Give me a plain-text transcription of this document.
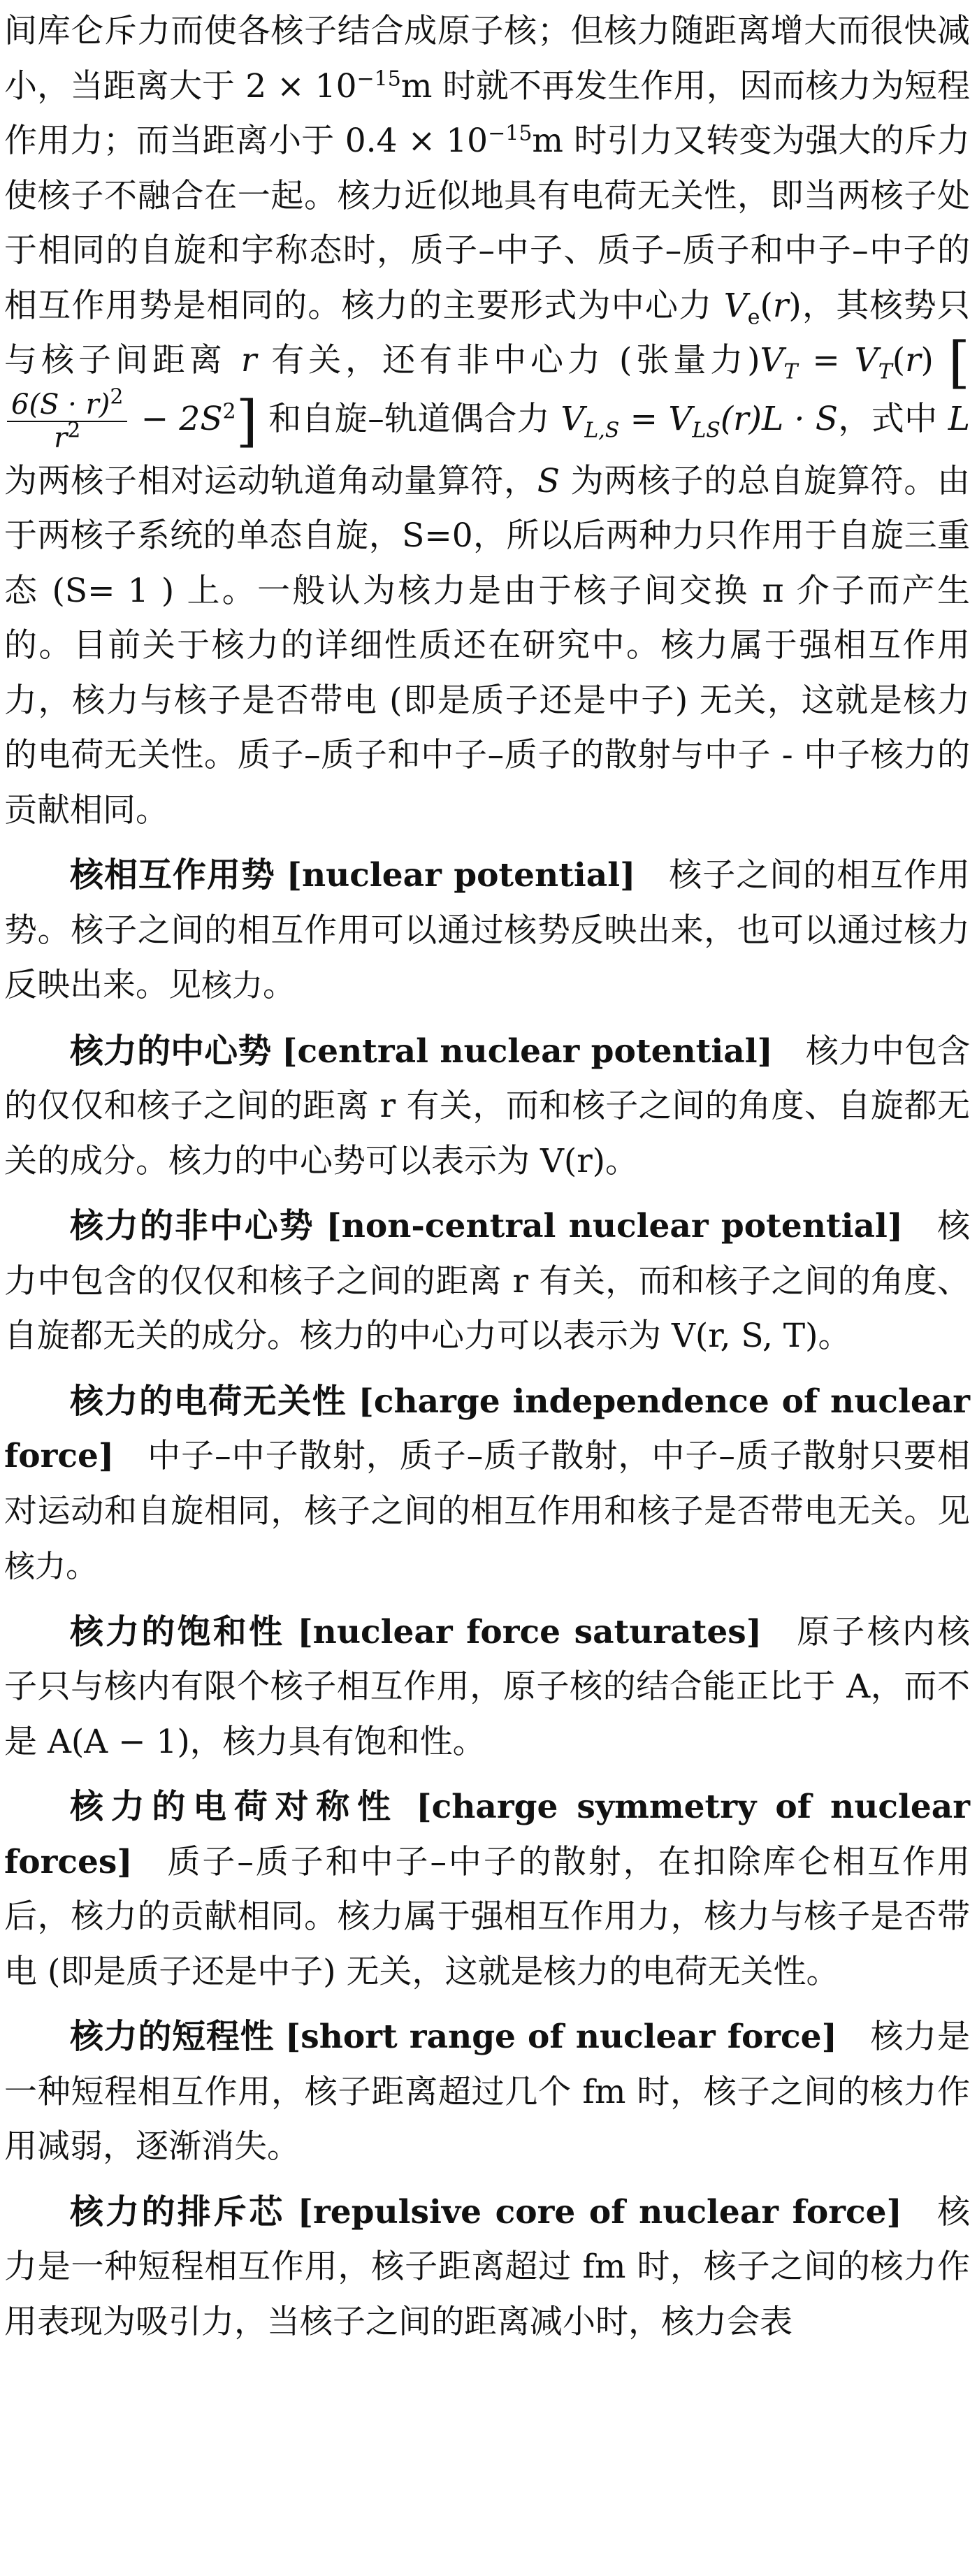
间库仑斥力而使各核子结合成原子核；但核力随距离增大而很快减小，当距离大于 $2 \times 10^{-15}m$ 时就不再发生作用，因而核力为短程作用力；而当距离小于 $0.4 \times 10^{-15}m$ 时引力又转变为强大的斥力使核子不融合在一起。核力近似地具有电荷无关性，即当两核子处于相同的自旋和宇称态时，质子–中子、质子–质子和中子–中子的相互作用势是相同的。核力的主要形式为中心力 $V_e(r)$，其核势只与核子间距离 r 有关，还有非中心力 (张量力)$V_T = V_T(r)$ [
$\frac{6(S \cdot r)^2}{r^2} - 2S^2$] 和自旋–轨道偶合力 $V_{L,S} = V_{LS}(r)L \cdot S$，式中 L 为两核子相对运动轨道角动量算符，S 为两核子的总自旋算符。由于两核子系统的单态自旋，S=0，所以后两种力只作用于自旋三重态 (S= 1 ) 上。一般认为核力是由于核子间交换 π 介子而产生的。目前关于核力的详细性质还在研究中。核力属于强相互作用力，核力与核子是否带电 (即是质子还是中子) 无关，这就是核力的电荷无关性。质子–质子和中子–质子的散射与中子 - 中子核力的贡献相同。

核相互作用势 [nuclear potential]  核子之间的相互作用势。核子之间的相互作用可以通过核势反映出来，也可以通过核力反映出来。见核力。

核力的中心势 [central nuclear potential]  核力中包含的仅仅和核子之间的距离 r 有关，而和核子之间的角度、自旋都无关的成分。核力的中心势可以表示为 V(r)。

核力的非中心势 [non-central nuclear potential]  核力中包含的仅仅和核子之间的距离 r 有关，而和核子之间的角度、自旋都无关的成分。核力的中心力可以表示为 V(r, S, T)。

核力的电荷无关性 [charge independence of nuclear force]  中子–中子散射，质子–质子散射，中子–质子散射只要相对运动和自旋相同，核子之间的相互作用和核子是否带电无关。见核力。

核力的饱和性 [nuclear force saturates]  原子核内核子只与核内有限个核子相互作用，原子核的结合能正比于 A，而不是 A(A − 1)，核力具有饱和性。

核力的电荷对称性 [charge symmetry of nuclear forces]  质子–质子和中子–中子的散射，在扣除库仑相互作用后，核力的贡献相同。核力属于强相互作用力，核力与核子是否带电 (即是质子还是中子) 无关，这就是核力的电荷无关性。

核力的短程性 [short range of nuclear force]  核力是一种短程相互作用，核子距离超过几个 fm 时，核子之间的核力作用减弱，逐渐消失。

核力的排斥芯 [repulsive core of nuclear force]  核力是一种短程相互作用，核子距离超过 fm 时，核子之间的核力作用表现为吸引力，当核子之间的距离减小时，核力会表
